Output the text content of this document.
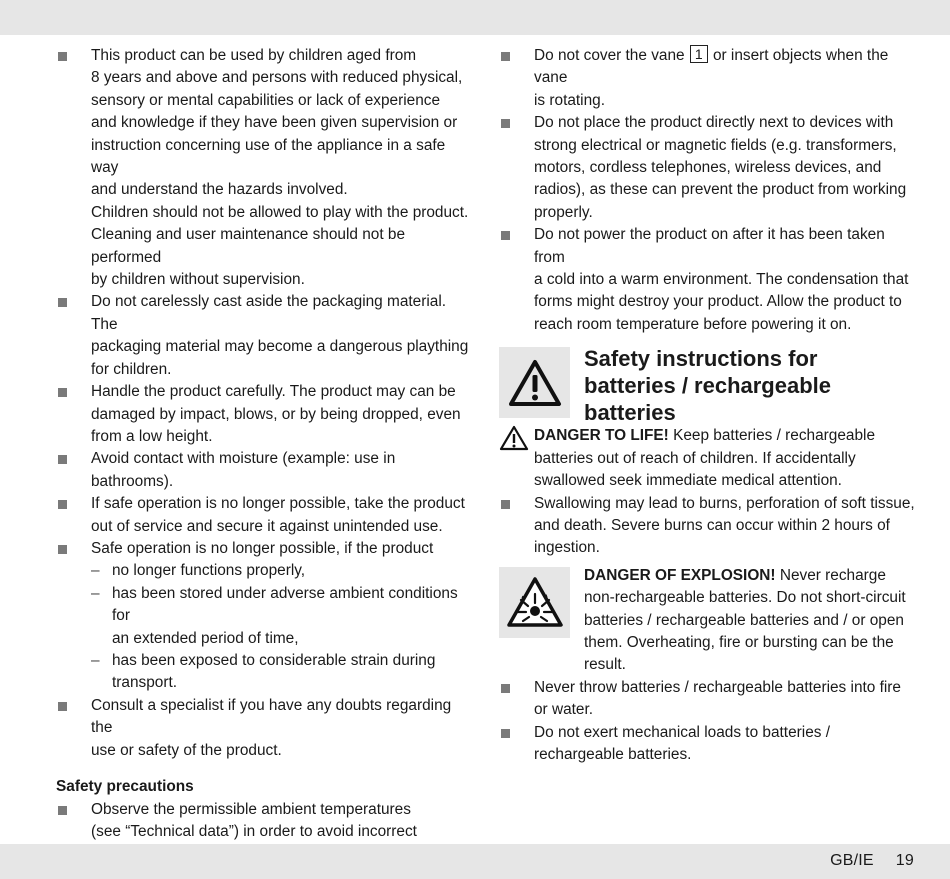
This product can be used by children aged from
8 years and above and persons with reduced physical,
sensory or mental capabilities or lack of experience
and knowledge if they have been given supervision or
instruction concerning use of the appliance in a safe way
and understand the hazards involved.
Children should not be allowed to play with the product.
Cleaning and user maintenance should not be performed
by children without supervision.
Do not carelessly cast aside the packaging material. The
packaging material may become a dangerous plaything
for children.
Handle the product carefully. The product may can be
damaged by impact, blows, or by being dropped, even
from a low height.
Avoid contact with moisture (example: use in bathrooms).
If safe operation is no longer possible, take the product
out of service and secure it against unintended use.
Safe operation is no longer possible, if the product
– no longer functions properly,
– has been stored under adverse ambient conditions for
an extended period of time,
– has been exposed to considerable strain during
transport.
Consult a specialist if you have any doubts regarding the
use or safety of the product.
Safety precautions
Observe the permissible ambient temperatures
(see “Technical data”) in order to avoid incorrect
Do not cover the vane 1 or insert objects when the vane
is rotating.
Do not place the product directly next to devices with
strong electrical or magnetic fields (e.g. transformers,
motors, cordless telephones, wireless devices, and
radios), as these can prevent the product from working
properly.
Do not power the product on after it has been taken from
a cold into a warm environment. The condensation that
forms might destroy your product. Allow the product to
reach room temperature before powering it on.
Safety instructions for
batteries / rechargeable
batteries
DANGER TO LIFE! Keep batteries / rechargeable
batteries out of reach of children. If accidentally
swallowed seek immediate medical attention.
Swallowing may lead to burns, perforation of soft tissue,
and death. Severe burns can occur within 2 hours of
ingestion.
DANGER OF EXPLOSION! Never recharge
non-rechargeable batteries. Do not short-circuit
batteries / rechargeable batteries and / or open
them. Overheating, fire or bursting can be the
result.
Never throw batteries / rechargeable batteries into fire
or water.
Do not exert mechanical loads to batteries /
rechargeable batteries.
GB/IE 19
